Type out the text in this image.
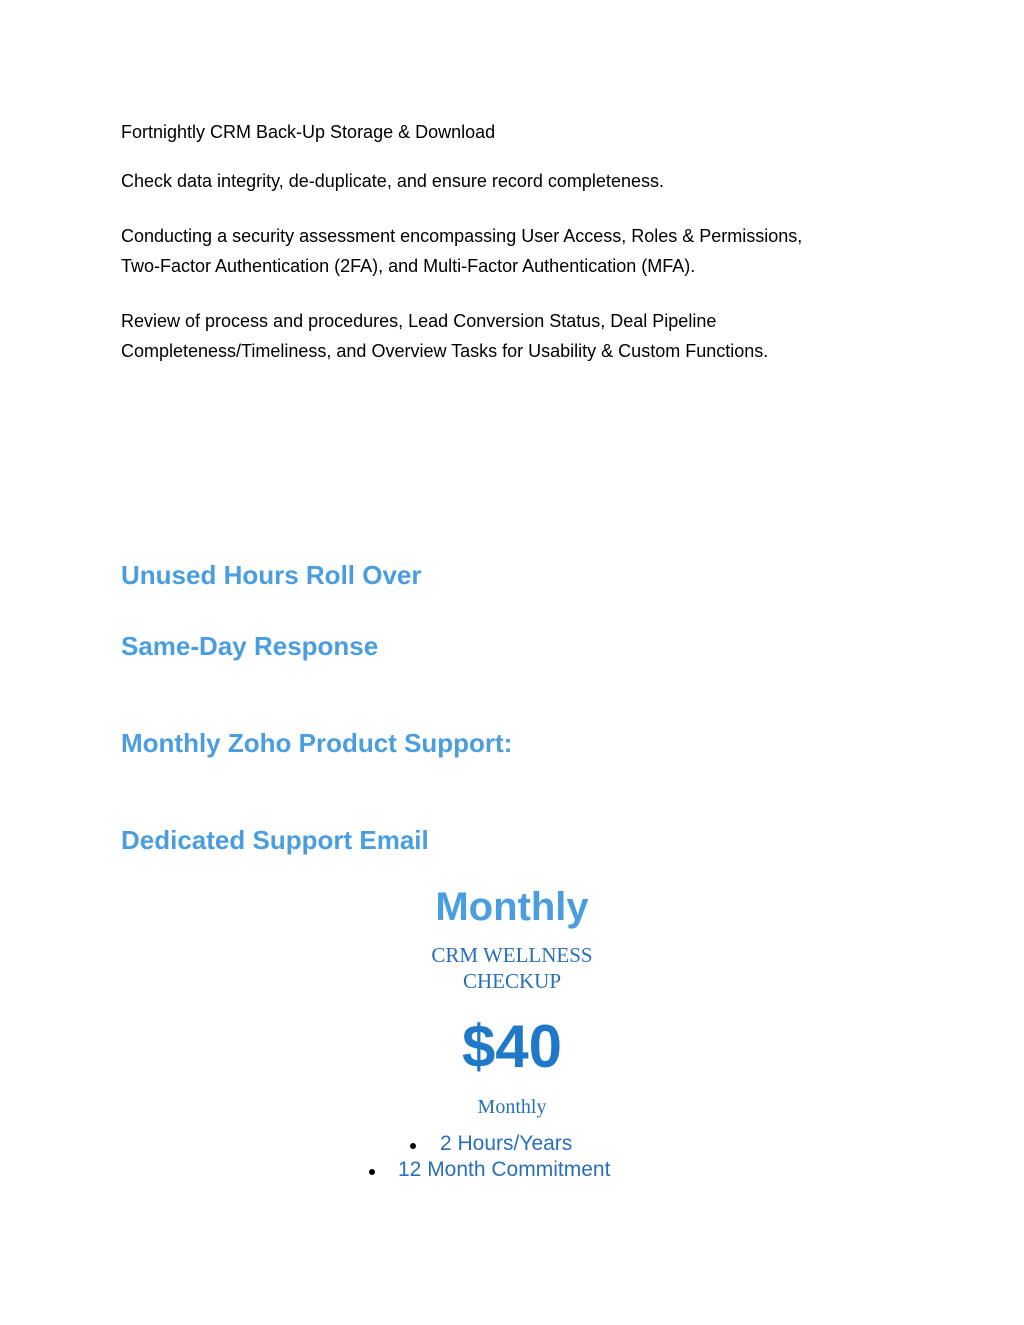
Fortnightly CRM Back-Up Storage & Download

Check data integrity, de-duplicate, and ensure record completeness.

Conducting a security assessment encompassing User Access, Roles & Permissions,
Two-Factor Authentication (2FA), and Multi-Factor Authentication (MFA).

Review of process and procedures, Lead Conversion Status, Deal Pipeline
Completeness/Timeliness, and Overview Tasks for Usability & Custom Functions.

Unused Hours Roll Over
Same-Day Response
Monthly Zoho Product Support:
Dedicated Support Email
Monthly
CRM WELLNESS
CHECKUP
$40
Monthly
2 Hours/Years
12 Month Commitment
